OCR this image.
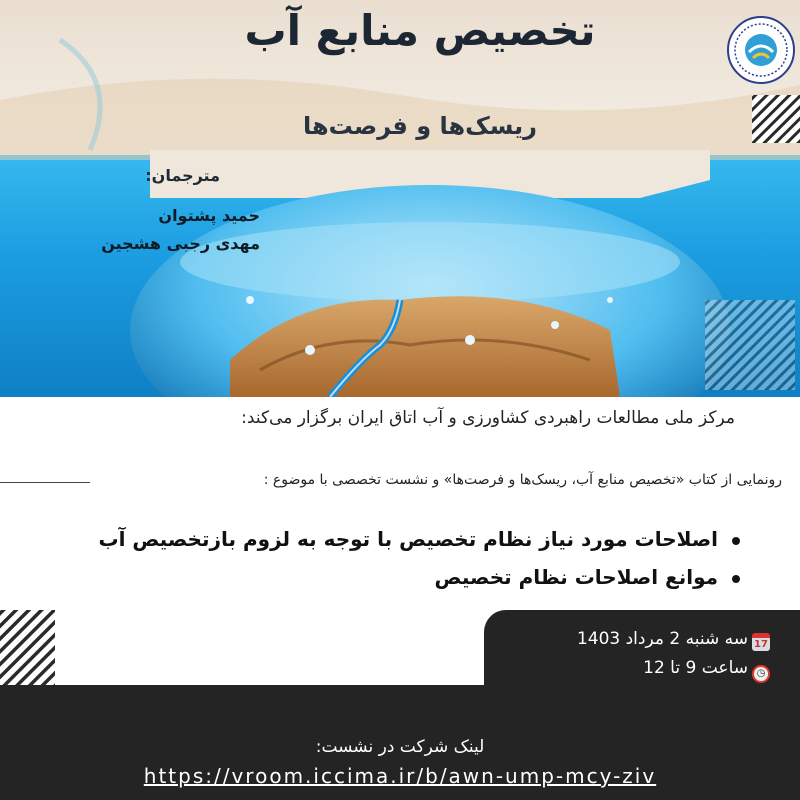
تخصیص منابع آب
ریسک‌ها و فرصت‌ها
مترجمان:
حمید پشتوان
مهدی رجبی هشجین
مرکز ملی مطالعات راهبردی کشاورزی و آب اتاق ایران برگزار می‌کند:
رونمایی از کتاب «تخصیص منابع آب، ریسک‌ها و فرصت‌ها» و نشست تخصصی با موضوع :
اصلاحات مورد نیاز نظام تخصیص با توجه به لزوم بازتخصیص آب
موانع اصلاحات نظام تخصیص
17سه شنبه 2 مرداد 1403
◷ساعت 9 تا 12
لینک شرکت در نشست:
https://vroom.iccima.ir/b/awn-ump-mcy-ziv
